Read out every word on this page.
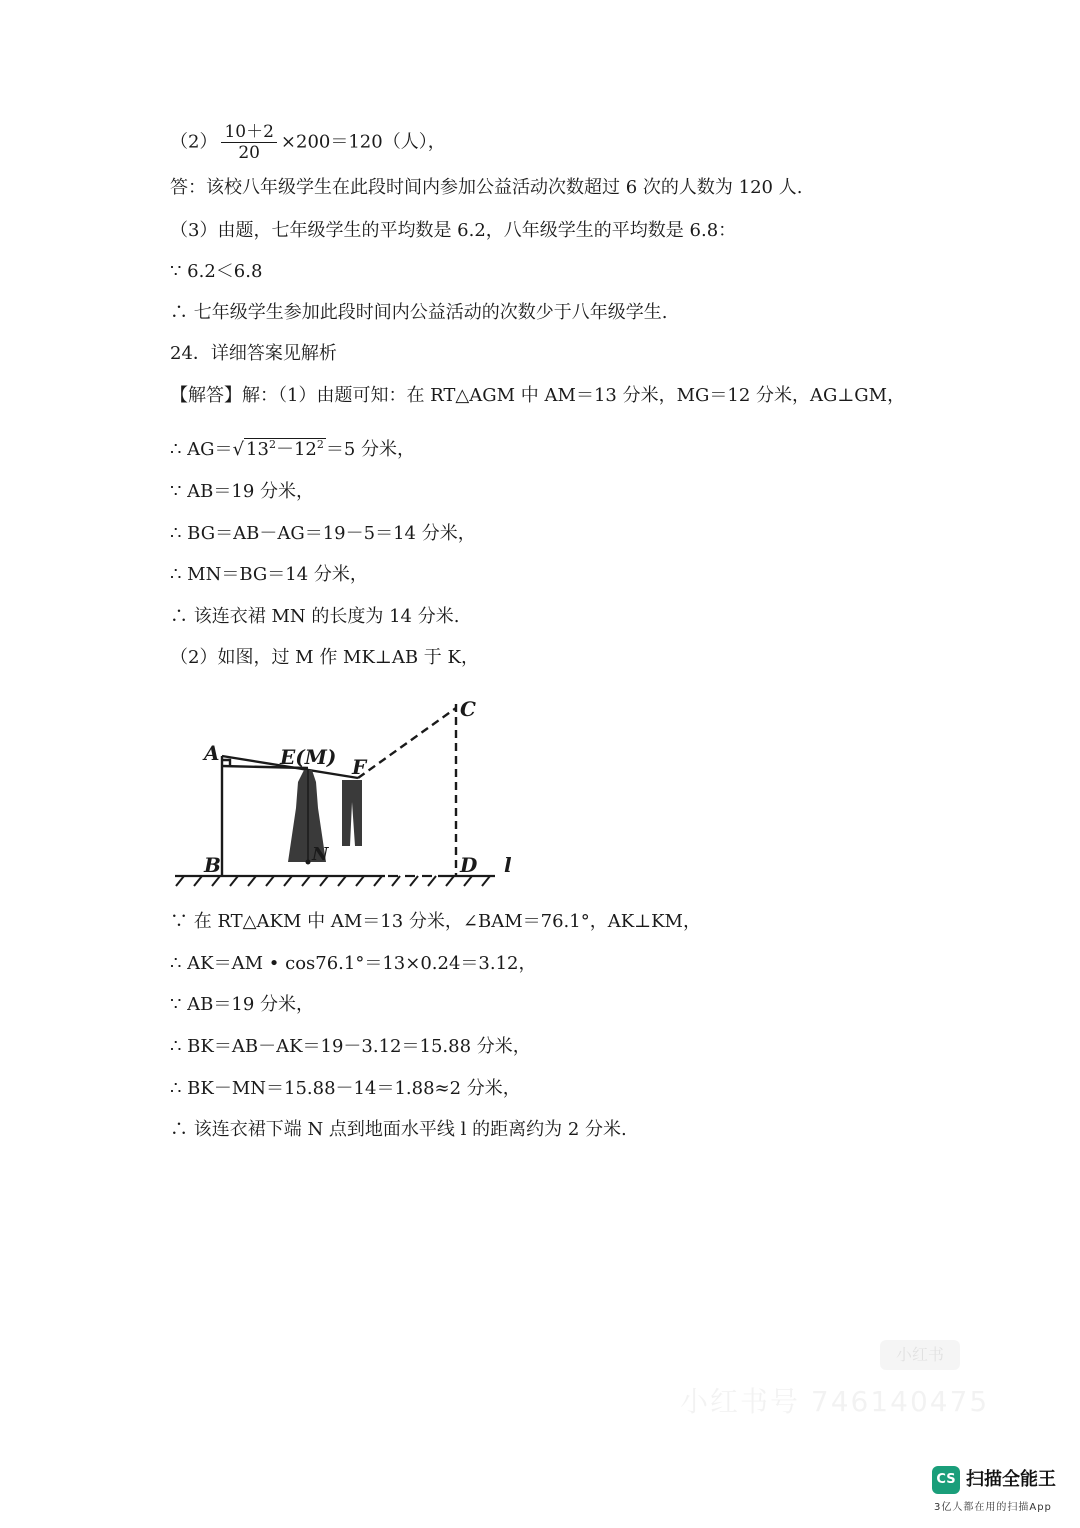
$(2) \frac{10+2}{20} \times 200=120$（人），
答：该校八年级学生在此段时间内参加公益活动次数超过 6 次的人数为 120 人.
（3）由题，七年级学生的平均数是 6.2，八年级学生的平均数是 6.8：
∵ 6.2＜6.8
∴ 七年级学生参加此段时间内公益活动的次数少于八年级学生.
24．详细答案见解析
【解答】解：（1）由题可知：在 RT△AGM 中 AM＝13 分米，MG＝12 分米，AG⊥GM，
∴ AG＝√ $13^2-12^2 =5$ 分米，
∵ AB＝19 分米，
∴ BG＝AB－AG＝19－5＝14 分米，
∴ MN＝BG＝14 分米，
∴ 该连衣裙 MN 的长度为 14 分米.
（2）如图，过 M 作 MK⊥AB 于 K，
A	E(M) F
C
B	N	D l
∵ 在 RT△AKM 中 AM＝13 分米，∠BAM＝76.1°，AK⊥KM，
∴ AK＝AM • cos76.1°＝13×0.24＝3.12，
∵ AB＝19 分米，
∴ BK＝AB－AK＝19－3.12＝15.88 分米，
∴ BK－MN＝15.88－14＝1.88≈2 分米，
∴ 该连衣裙下端 N 点到地面水平线 l 的距离约为 2 分米.
小红书
小红书号 746140475
CS 扫描全能王
3亿人都在用的扫描App
